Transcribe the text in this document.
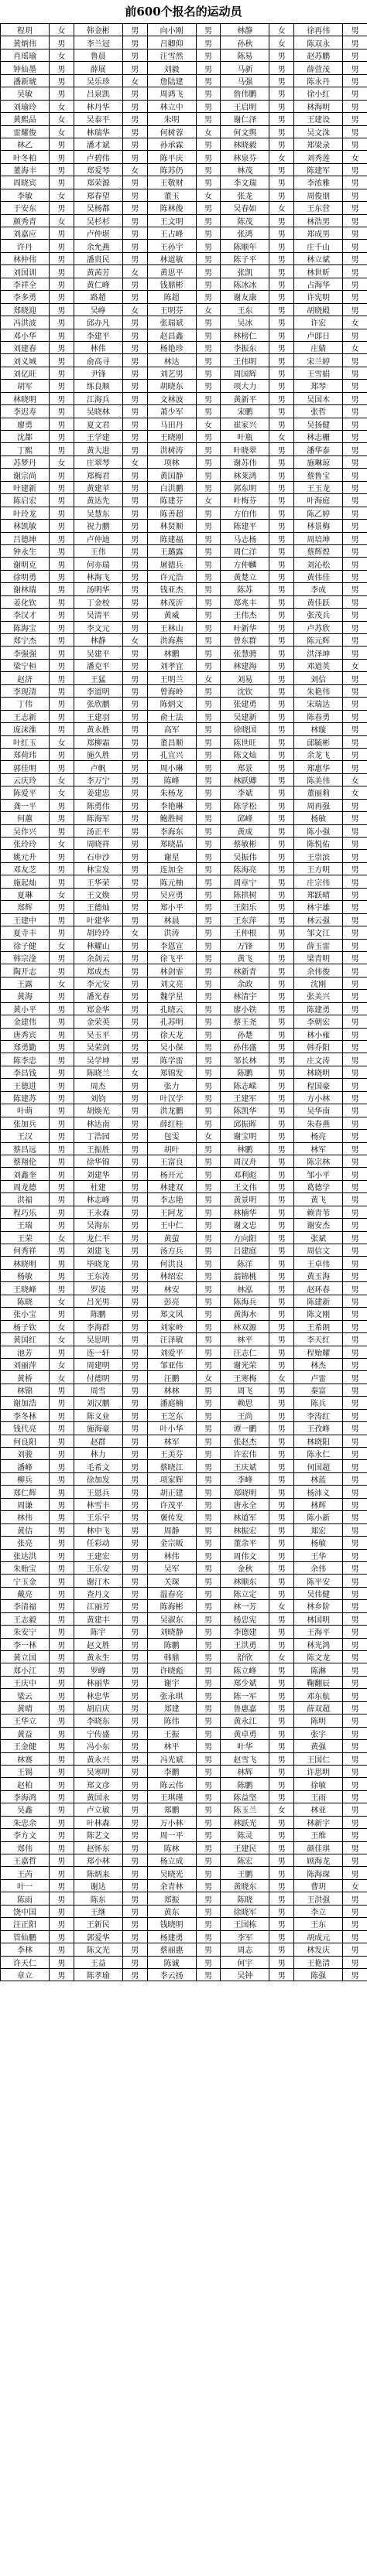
前600个报名的运动员
程玥	女	韩金彬	男	向小刚	男	林静	女	徐再伟	男
黄炳伟	男	李兰冠	男	吕卿仰	男	孙秋	女	陈双永	男
肖瑶瑜	女	鲁晨	男	汪雪然	男	陈易	男	赵苏鹏	男
钟仙墨	男	薛展	男	刘毅	男	马新	男	薛萱茂	男
潘新琥	男	吴乐珍	女	詹陆建	男	马强	男	陈永丹	男
吴敏	男	吕泉凯	男	周鸿飞	男	詹伟鹏	男	徐小红	男
刘瑜玲	女	林丹华	男	林立中	男	王启明	男	林海明	男
黄熙品	女	吴泰平	男	朱明	男	谢仁泽	男	王建设	男
雷耀俊	女	林瑞华	男	何树蓉	女	何文舆	男	吴文洙	男
林乙	男	潘才斌	男	孙承霖	男	林晓毅	男	郑梁录	男
叶冬柏	男	卢碧伟	男	陈平庆	男	林泉芬	女	刘秀莲	女
董海丰	男	郑爱琴	女	陈苏仍	男	林茂	男	陈建军	男
周晓宾	男	郑荣源	男	王敬财	男	李文瑞	男	李浓雅	男
李敏	女	郑春望	男	董玉	女	张龙	男	周俊朋	男
于安东	男	吴杨都	男	陈林俊	男	吴春如	女	王东营	男
颜秀青	女	吴杉杉	男	王文明	男	陈茂	男	林浩男	男
刘嘉应	男	卢仲堪	男	王占峰	男	张鸿	男	郑成男	男
许丹	男	余允燕	男	王孙宇	男	陈顺年	男	庄千山	男
林仲伟	男	潘贵民	男	林道敏	男	陈子平	男	林立斌	男
刘国训	男	黄茜芳	女	黄思平	男	张凯	男	林世昕	男
李祥全	男	黄仁峰	男	钱鼎彬	男	陈冰冰	男	占海华	男
李多勇	男	路超	男	陈超	男	谢友康	男	许宪明	男
郑晓迎	男	吴峥	女	王明芬	女	王东	男	胡晓殿	男
冯洪波	男	邱办凡	男	张瑞斌	男	吴冰	男	许宏	女
邓小华	男	李建平	男	赵昌鑫	男	林榜仁	男	卢郎日	男
刘建春	男	林伟	男	杨艳珍	男	李振东	男	庄婧	女
刘义城	男	俞高寻	男	林达	男	王伟明	男	宋兰婷	男
刘亿旺	男	尹锋	男	刘艺男	男	周国辉	男	王雪娟	男
胡军	男	练良顺	男	胡晓东	男	项大力	男	郑琴	男
林晓明	男	江海兵	男	文林波	男	黄新平	男	吴国木	男
李迟寿	男	吴晓林	男	萧少军	男	宋鹏	男	张哲	男
廖勇	男	夏文君	男	马田丹	女	崔家兴	男	吴扬健	男
沈都	男	王学建	男	王晓刚	男	叶瓶	女	林志栅	男
丁熙	男	黄大进	男	洪树涛	男	叶晓翠	男	潘华泰	男
苏梦丹	女	庄翠琴	女	项林	男	谢苏伟	男	施琳琼	男
谢宗尚	男	郑梅君	男	黄国静	男	林莱鸿	男	蔡鲁宝	男
叶建新	男	黄建苹	男	白洪鹏	男	郭东明	男	王玉龙	男
陈启宏	男	黄达先	男	陈建芬	女	叶梅芬	男	叶海庭	男
叶玲龙	男	吴慧东	男	陈善超	男	方伯伟	男	陈乙婷	男
林凯敏	男	祝力鹏	男	林贤顺	男	陈建平	男	林景梅	男
吕德坤	男	卢仲迪	男	陈建福	男	马志杨	男	周培坤	男
钟永生	男	王伟	男	王璐露	男	周仁洋	男	蔡辉煌	男
谢明克	男	何亦瑞	男	屠德兵	男	方仲麟	男	刘沁松	男
徐明勇	男	林海飞	男	许元浩	男	黄楚立	男	黄伟佳	男
谢林瑞	男	汤明华	男	钱亚杰	男	陈苏	男	李成	男
姜化钦	男	丁金校	男	林茂沂	男	郑兆丰	男	黄佳跃	男
李汉才	男	吴清平	男	黄威	男	王伟杰	男	张茂兵	男
陈海宝	男	李文元	男	王林山	男	叶新华	男	卢苏欣	男
郑宁杰	男	林静	女	洪海燕	男	曾东群	男	陈元辉	男
李强强	男	吴建平	男	林鹏	男	张慧骋	男	洪泽坤	男
梁宁桓	男	潘克平	男	刘孝宜	男	林建海	男	邓道英	女
赵济	男	王猛	男	王明兰	女	刘易	男	刘信	男
李现清	男	李道明	男	曾海岭	男	沈钦	男	朱艳伟	男
丁伟	男	张欣鹏	男	陈炳文	男	张建勇	男	宋瑞达	男
王志新	男	王建羽	男	俞士法	男	吴建新	男	陈春勇	男
庞沫淮	男	黄永胜	男	高军	男	徐晓国	男	林璇	男
叶红玉	女	郑柳霜	男	董昌顺	男	陈世旺	男	邱毓彬	男
郑荷玮	男	施久胜	男	孔宜兴	男	陈文灿	男	余龙飞	男
郭佳明	男	卢帆	男	周小琳	男	郑景	男	郑惠华	男
云庆玲	女	李万宁	男	陈峰	男	林跃卿	男	陈美伟	女
陈爱平	女	姜建忠	男	朱杨龙	男	李斌	男	董丽莉	女
龚一平	男	陈勇伟	男	李艳琳	男	陈学松	男	周再强	男
何蕙	男	陈海军	男	鲍胜柯	男	邱峰	男	杨敏	男
吴作兴	男	汤正平	男	李海东	男	黄成	男	陈小强	男
张玲玲	女	周晓祥	男	郑晓晶	男	蔡敏彬	男	陈悦佑	男
姚元升	男	石申沙	男	谢星	男	吴振伟	男	王崇滨	男
邓友芝	男	林宝发	男	连加全	男	陈海亮	男	王方明	男
施起灿	男	王华荣	男	陈元柚	男	周章宁	男	庄宗伟	男
夏琳	女	王文焕	男	吴应勇	男	陈拱树	男	郑跃晴	男
郑辉	男	王德灿	男	郑小平	男	王阳乐	男	林宇雄	男
王建中	男	叶建华	男	林晨	男	王东萍	男	林云强	男
夏寺丰	男	胡玲玲	女	洪涛	男	王仲根	男	邹文江	男
徐子健	女	林耀山	男	李恩宣	男	万锋	男	薛玉雷	男
韩宗淦	男	余剑云	男	徐飞平	男	黄飞	男	梁青明	男
陶开志	男	郑成杰	男	林剑霏	男	林新青	男	余伟俊	男
王露	女	李元安	男	刘文亮	男	余政	男	沈刚	男
黄海	男	潘光春	男	魏学星	男	林清宇	男	张美兴	男
黄小平	男	郑金华	男	孔晓云	男	廖小铁	男	陈建勇	男
金建伟	男	金荣英	男	孔苏明	男	蔡王尧	男	李朝宏	男
唐秀宾	男	吴玉平	男	徐天龙	男	孙楚	男	林小雍	男
郑勇勤	男	吴荣剑	男	吴小保	男	孙伟盛	男	韩乔阳	男
陈李忠	男	吴学坤	男	陈学雷	男	邹长林	男	庄文涛	男
李昌钱	男	陈晓兰	女	郑锦发	男	陈鹏	男	林晓明	男
王德进	男	周杰	男	张力	男	陈志嵘	男	程国豪	男
陈建苏	男	刘钧	男	叶汉学	男	王建军	男	方小林	男
叶萌	男	胡焕光	男	洪龙鹏	男	陈凯华	男	吴华南	男
张加兵	男	林达南	男	薛红桂	男	邱振晖	男	朱春燕	男
王汉	男	丁浩园	男	包雯	女	谢宝明	男	杨亮	男
蔡昌远	男	王振胜	男	胡叶	男	林鹏	男	林军	男
蔡翔伦	男	徐华锦	男	王富良	男	周汉舟	男	陈宗林	男
刘鑫奎	男	刘建华	男	杨开元	男	邓利彪	男	邹小平	男
周龙德	男	杜建	男	林建双	男	王文伟	男	葛德学	男
洪福	男	林志峰	男	李志艳	男	黄景明	男	黄飞	男
程巧乐	男	王永森	男	王阿龙	男	林楠华	男	赖青苇	男
王瑞	男	吴海东	男	王中仁	男	谢文忠	男	谢安杰	男
王荣	女	龙仁平	男	黄萤	男	方向阳	男	张斌	男
何秀祥	男	刘建飞	男	汤方兵	男	吕建庭	男	周信文	男
林晓明	男	毕晓龙	男	何洪良	男	陈洋	男	王卓伟	男
杨敏	男	王东涛	男	林绍宏	男	翁锦桃	男	黄玉海	男
王晓峰	男	罗凌	男	林安	男	林泓	男	赵环春	男
陈晓	女	吕光男	男	彭亮	男	陈海兵	男	陈建新	男
张小宝	男	陈鹏	男	郑文风	男	黄海水	男	陈文刚	男
杨子钦	女	李海群	男	刘家岭	男	林双源	男	王希朗	男
黄国红	女	吴思明	男	汪泽敏	男	林平	男	李天红	男
池芳	男	连一轩	男	刘爱平	男	汪志仁	男	程贻耀	男
刘丽萍	女	周建明	男	邹亚伟	男	谢光荣	男	林杰	男
黄桥	女	付德明	男	汪鹏	女	王寒梅	女	卢雷	男
林锦	男	周雪	男	林林	男	周飞	男	秦富	男
谢加浩	男	刘汉鹏	男	潘庭楠	男	赖思	男	陈兵	男
李冬林	男	陈义业	男	王芝东	男	王尚	男	李涛红	男
钱代亮	男	施海豪	男	叶小华	男	谭一鹏	男	王孜峰	男
何良阳	男	赵群	男	林军	男	张赵杰	男	林晓阳	男
刘骏	男	林力	男	王美芬	男	许宏伟	男	陈永仁	男
潘峰	男	毛希文	男	蔡晓江	男	王庆斌	男	何国超	男
柳兵	男	徐加发	男	项家辉	男	李峰	男	林蓝	男
郑仁辉	男	王恩兵	男	胡正建	男	郑晓明	男	杨沛义	男
周谦	男	林雪丰	男	许茂平	男	唐永全	男	林辉	男
林伟	男	王乐宇	男	褒传发	男	林道军	男	陈小新	男
黄佶	男	林中飞	男	周静	男	林振宏	男	郑宏	男
张亮	男	任彩动	男	金宗皈	男	董余平	男	杨敏	男
张达洪	男	王建宏	男	林伟	男	周伟文	男	王华	男
朱贻宝	男	王乐安	男	吴军	男	金秋	男	余伟	男
宁玉金	男	谢汀木	男	关琛	男	林顺东	男	陈平安	男
戴亮	男	查丹文	男	温春亮	男	陈立定	男	吴伟健	男
李清福	男	江丽芳	男	陈海彬	男	林一芳	女	林乡阶	男
王志毅	男	黄建丰	男	吴淑东	男	杨忠宪	男	林国明	男
朱安宁	男	陈宇	男	刘晓静	男	李德建	男	王海平	男
李一林	男	赵文胜	男	陈鹏	男	王洪勇	男	林光鸿	男
黄立国	男	黄永生	男	韩鼎	男	舒欣	女	陈文龙	男
郑小江	男	罗峰	男	许晓彪	男	陈立峰	男	陈淋	男
王庆中	男	林丽华	男	谢宇	男	郑少斌	男	鞠翻辰	男
梁云	男	林忠华	男	张永琪	男	陈一军	男	邓东航	男
黄晴	男	胡启庆	男	郑建	男	鲁惠嘉	男	薛双超	男
王华立	男	李晓东	男	陈伟	男	黄永江	男	陈明	男
黄益	男	宁传盛	男	王振	男	黄卓勇	男	张宇	男
王金健	男	冯小东	男	林平	男	叶华	男	黄强	男
林赛	男	黄永兴	男	冯光斌	男	赵雪飞	男	王国仁	男
王锡	男	吴寒明	男	李鹏	男	林辉	男	许思明	男
赵柏	男	郑文彦	男	陈云伟	男	陈鹏	男	徐敏	男
李海鸿	男	黄国永	男	王琪瑾	男	陈益坚	男	王雨	男
吴鑫	男	卢立敏	男	郑鹏	男	陈玉兰	女	林亚	男
朱忠余	男	叶林森	男	万小林	男	林跃光	男	林新宇	男
李方文	男	陈艺文	男	周一平	男	陈灵	男	王维	男
郑伟	男	赵怀东	男	陈林	男	王建民	男	颜佳琪	男
王嘉哲	男	郑小林	男	杨立成	男	陈宏	男	顾海龙	男
王芮	男	陈炳来	男	吴晓光	男	王鹏	男	陈海琛	男
叶一	男	谢达	男	余青林	男	黄晓东	男	曹玥	女
陈雨	男	陈东	男	郑振	男	陈晓	男	王洪强	男
饶中国	男	王继	男	黄东	男	徐晓军	男	李立	男
汪正阳	男	王新民	男	钱晓明	男	王国栋	男	王东	男
管仙鹏	男	郭爱华	男	杨建勇	男	李军	男	胡成元	男
李林	男	陈文光	男	蔡丽惠	男	周志	男	林发庆	男
许天仁	男	王益	男	陈诚	男	何宇	男	王艳清	男
章立	男	陈孝瑜	男	李云扬	男	吴钟	男	陈强	男
